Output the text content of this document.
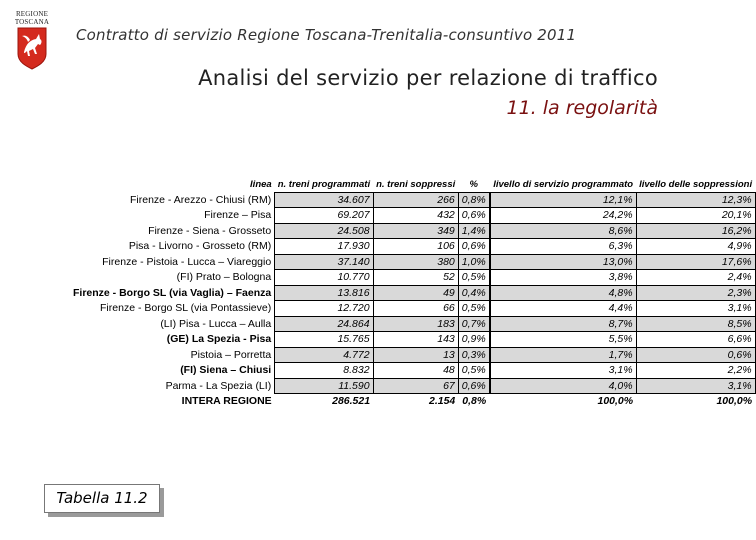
REGIONE
TOSCANA
Contratto di servizio Regione Toscana-Trenitalia-consuntivo 2011
Analisi del servizio per relazione di traffico
11. la regolarità
linea	n. treni programmati	n. treni soppressi	%		livello di servizio programmato	livello delle soppressioni
Firenze - Arezzo - Chiusi (RM)	34.607	266	0,8%		12,1%	12,3%
Firenze – Pisa	69.207	432	0,6%		24,2%	20,1%
Firenze - Siena - Grosseto	24.508	349	1,4%		8,6%	16,2%
Pisa - Livorno - Grosseto (RM)	17.930	106	0,6%		6,3%	4,9%
Firenze - Pistoia - Lucca – Viareggio	37.140	380	1,0%		13,0%	17,6%
(FI) Prato – Bologna	10.770	52	0,5%		3,8%	2,4%
Firenze - Borgo SL (via Vaglia) – Faenza	13.816	49	0,4%		4,8%	2,3%
Firenze - Borgo SL (via Pontassieve)	12.720	66	0,5%		4,4%	3,1%
(LI) Pisa - Lucca – Aulla	24.864	183	0,7%		8,7%	8,5%
(GE) La Spezia - Pisa	15.765	143	0,9%		5,5%	6,6%
Pistoia – Porretta	4.772	13	0,3%		1,7%	0,6%
(FI) Siena – Chiusi	8.832	48	0,5%		3,1%	2,2%
Parma - La Spezia (LI)	11.590	67	0,6%		4,0%	3,1%
INTERA REGIONE	286.521	2.154	0,8%		100,0%	100,0%
Tabella 11.2
